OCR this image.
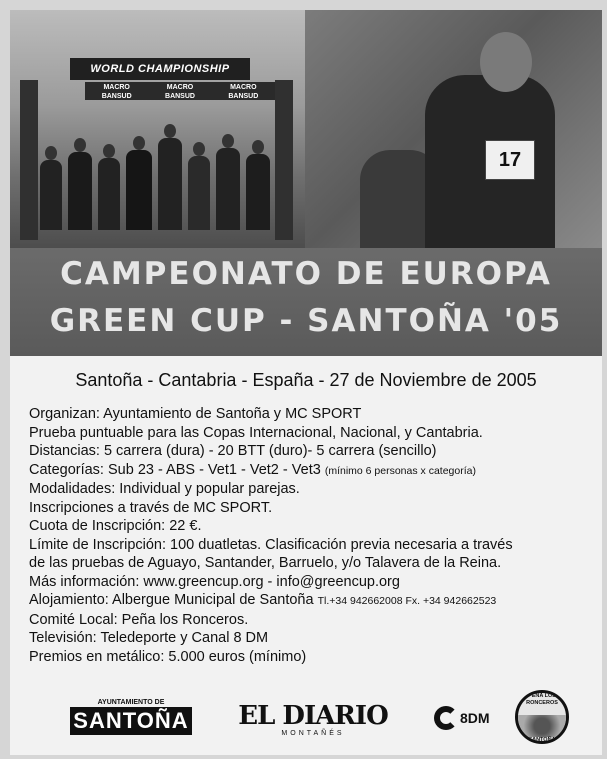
WORLD CHAMPIONSHIP
MACRO BANSUD
MACRO BANSUD
MACRO BANSUD
17
CAMPEONATO DE EUROPA
GREEN CUP - SANTOÑA '05
Santoña - Cantabria - España - 27 de Noviembre de 2005
Organizan: Ayuntamiento de Santoña y MC SPORT
Prueba puntuable para las Copas Internacional, Nacional, y Cantabria.
Distancias: 5 carrera (dura) - 20 BTT (duro)- 5 carrera (sencillo)
Categorías: Sub 23 - ABS - Vet1 - Vet2 - Vet3 (mínimo 6 personas x categoría)
Modalidades: Individual y popular parejas.
Inscripciones a través de MC SPORT.
Cuota de Inscripción: 22 €.
Límite de Inscripción: 100 duatletas. Clasificación previa necesaria a través
de las pruebas de Aguayo, Santander, Barruelo, y/o Talavera de la Reina.
Más información: www.greencup.org - info@greencup.org
Alojamiento: Albergue Municipal de Santoña Tl.+34 942662008 Fx. +34 942662523
Comité Local: Peña los Ronceros.
Televisión: Teledeporte y Canal 8 DM
Premios en metálico: 5.000 euros (mínimo)
AYUNTAMIENTO DE
SANTOÑA EL DIARIO
MONTAÑÉS
8DM
PEÑA LOS RONCEROS
SANTOÑA
